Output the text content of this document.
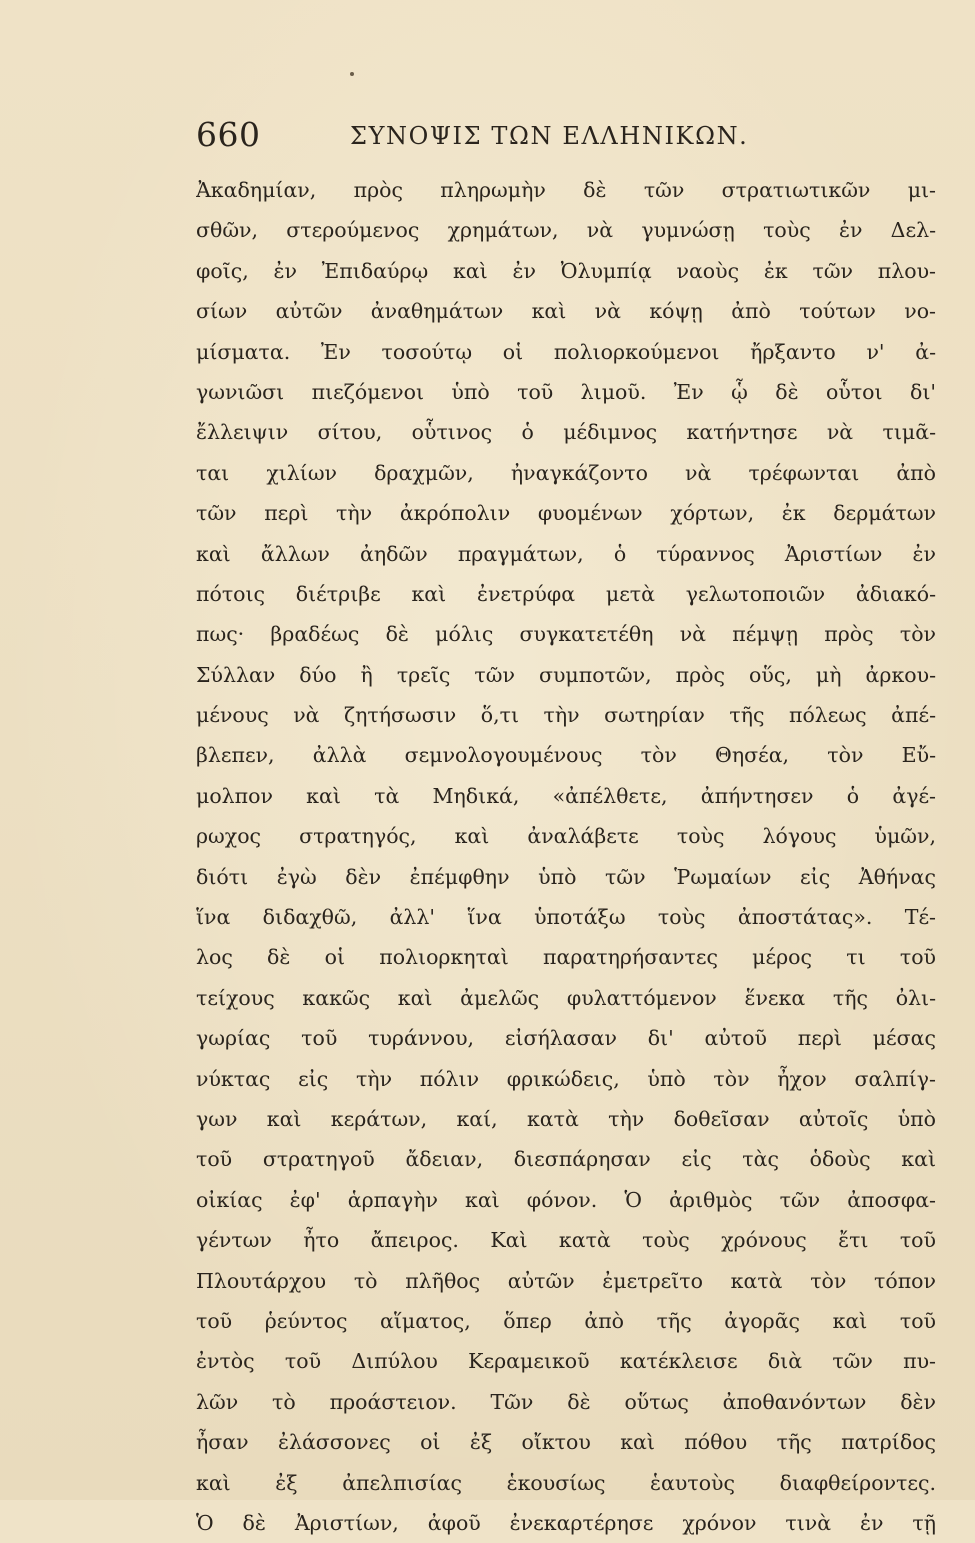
660	ΣΥΝΟΨΙΣ ΤΩΝ ΕΛΛΗΝΙΚΩΝ.
Ἀκαδημίαν, πρὸς πληρωμὴν δὲ τῶν στρατιωτικῶν μι-
σθῶν, στερούμενος χρημάτων, νὰ γυμνώσῃ τοὺς ἐν Δελ-
φοῖς, ἐν Ἐπιδαύρῳ καὶ ἐν Ὀλυμπίᾳ ναοὺς ἐκ τῶν πλου-
σίων αὐτῶν ἀναθημάτων καὶ νὰ κόψῃ ἀπὸ τούτων νο-
μίσματα. Ἐν τοσούτῳ οἱ πολιορκούμενοι ἤρξαντο ν' ἀ-
γωνιῶσι πιεζόμενοι ὑπὸ τοῦ λιμοῦ. Ἐν ᾧ δὲ οὗτοι δι'
ἔλλειψιν σίτου, οὗτινος ὁ μέδιμνος κατήντησε νὰ τιμᾶ-
ται χιλίων δραχμῶν, ἠναγκάζοντο νὰ τρέφωνται ἀπὸ
τῶν περὶ τὴν ἀκρόπολιν φυομένων χόρτων, ἐκ δερμάτων
καὶ ἄλλων ἀηδῶν πραγμάτων, ὁ τύραννος Ἀριστίων ἐν
πότοις διέτριβε καὶ ἐνετρύφα μετὰ γελωτοποιῶν ἀδιακό-
πως· βραδέως δὲ μόλις συγκατετέθη νὰ πέμψῃ πρὸς τὸν
Σύλλαν δύο ἢ τρεῖς τῶν συμποτῶν, πρὸς οὕς, μὴ ἀρκου-
μένους νὰ ζητήσωσιν ὅ,τι τὴν σωτηρίαν τῆς πόλεως ἀπέ-
βλεπεν, ἀλλὰ σεμνολογουμένους τὸν Θησέα, τὸν Εὔ-
μολπον καὶ τὰ Μηδικά, «ἀπέλθετε, ἀπήντησεν ὁ ἀγέ-
ρωχος στρατηγός, καὶ ἀναλάβετε τοὺς λόγους ὑμῶν,
διότι ἐγὼ δὲν ἐπέμφθην ὑπὸ τῶν Ῥωμαίων εἰς Ἀθήνας
ἵνα διδαχθῶ, ἀλλ' ἵνα ὑποτάξω τοὺς ἀποστάτας». Τέ-
λος δὲ οἱ πολιορκηταὶ παρατηρήσαντες μέρος τι τοῦ
τείχους κακῶς καὶ ἀμελῶς φυλαττόμενον ἕνεκα τῆς ὀλι-
γωρίας τοῦ τυράννου, εἰσήλασαν δι' αὐτοῦ περὶ μέσας
νύκτας εἰς τὴν πόλιν φρικώδεις, ὑπὸ τὸν ἦχον σαλπίγ-
γων καὶ κεράτων, καί, κατὰ τὴν δοθεῖσαν αὐτοῖς ὑπὸ
τοῦ στρατηγοῦ ἄδειαν, διεσπάρησαν εἰς τὰς ὁδοὺς καὶ
οἰκίας ἐφ' ἁρπαγὴν καὶ φόνον. Ὁ ἀριθμὸς τῶν ἀποσφα-
γέντων ἦτο ἄπειρος. Καὶ κατὰ τοὺς χρόνους ἔτι τοῦ
Πλουτάρχου τὸ πλῆθος αὐτῶν ἐμετρεῖτο κατὰ τὸν τόπον
τοῦ ῥεύντος αἵματος, ὅπερ ἀπὸ τῆς ἀγορᾶς καὶ τοῦ
ἐντὸς τοῦ Διπύλου Κεραμεικοῦ κατέκλεισε διὰ τῶν πυ-
λῶν τὸ προάστειον. Τῶν δὲ οὕτως ἀποθανόντων δὲν
ἦσαν ἐλάσσονες οἱ ἐξ οἴκτου καὶ πόθου τῆς πατρίδος
καὶ ἐξ ἀπελπισίας ἑκουσίως ἑαυτοὺς διαφθείροντες.
Ὁ δὲ Ἀριστίων, ἀφοῦ ἐνεκαρτέρησε χρόνον τινὰ ἐν τῇ
